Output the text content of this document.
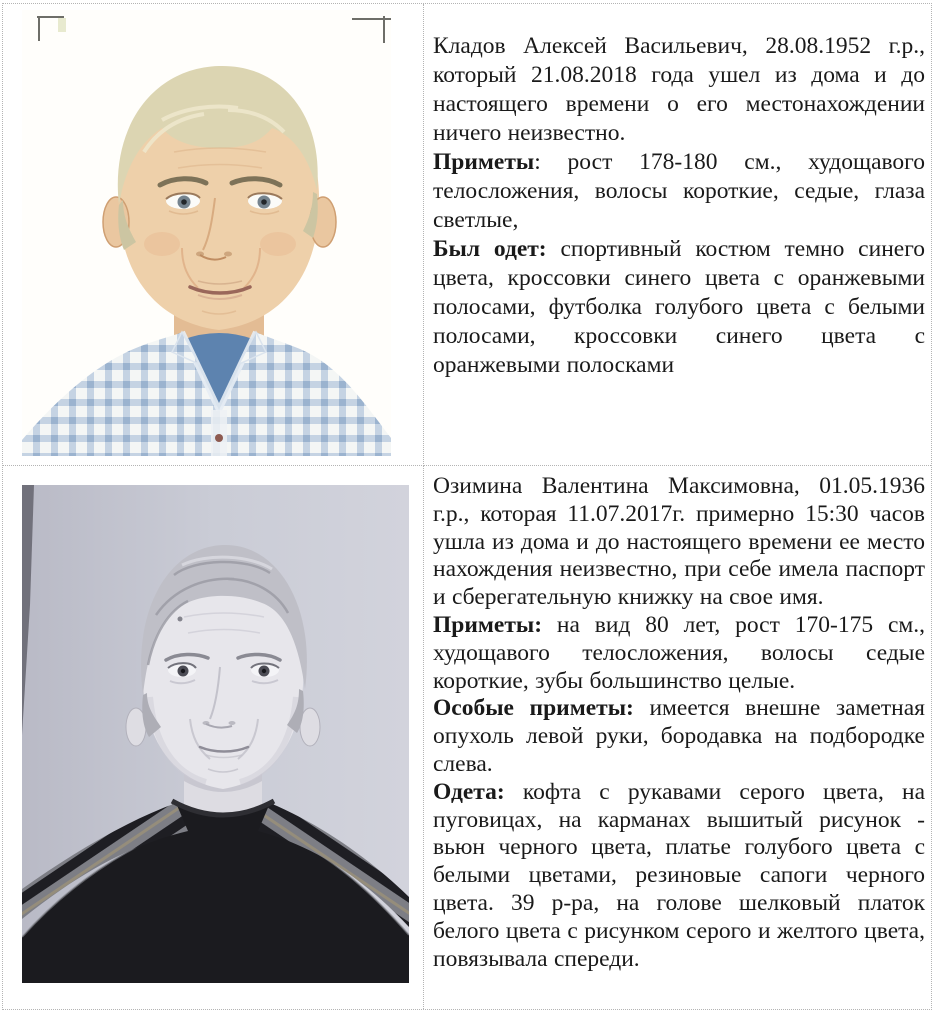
Кладов Алексей Васильевич, 28.08.1952 г.р., который 21.08.2018 года ушел из дома и до настоящего времени о его местонахождении ничего неизвестно.

Приметы: рост 178-180 см., худощавого телосложения, волосы короткие, седые, глаза светлые,

Был одет: спортивный костюм темно синего цвета, кроссовки синего цвета с оранжевыми полосами, футболка голубого цвета с белыми полосами, кроссовки синего цвета с оранжевыми полосками

Озимина Валентина Максимовна, 01.05.1936 г.р., которая 11.07.2017г. примерно 15:30 часов ушла из дома и до настоящего времени ее место нахождения неизвестно, при себе имела паспорт и сберегательную книжку на свое имя.

Приметы: на вид 80 лет, рост 170-175 см., худощавого телосложения, волосы седые короткие, зубы большинство целые.

Особые приметы: имеется внешне заметная опухоль левой руки, бородавка на подбородке слева.

Одета: кофта с рукавами серого цвета, на пуговицах, на карманах вышитый рисунок - вьюн черного цвета, платье голубого цвета с белыми цветами, резиновые сапоги черного цвета. 39 р-ра, на голове шелковый платок белого цвета с рисунком серого и желтого цвета, повязывала спереди.
